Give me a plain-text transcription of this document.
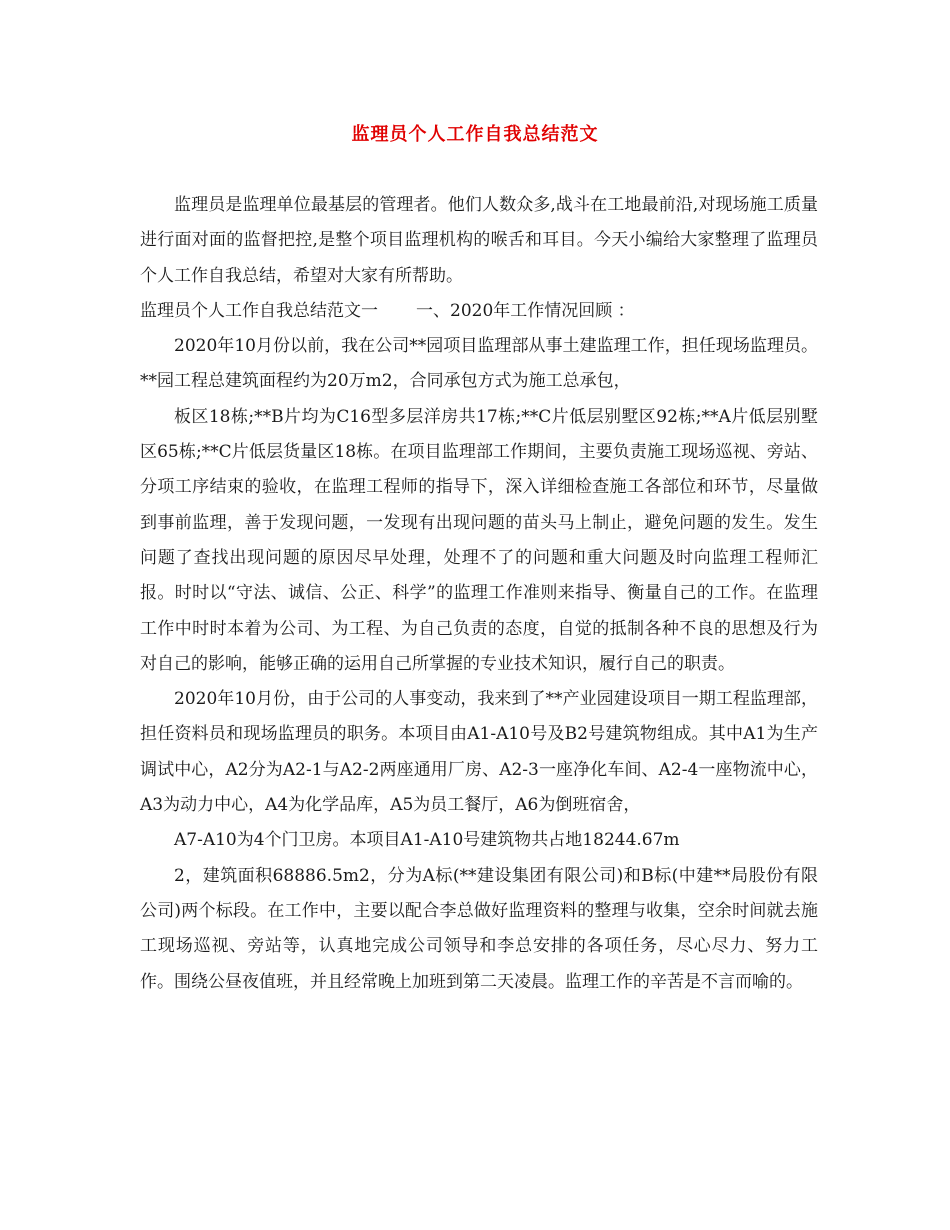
监理员个人工作自我总结范文

监理员是监理单位最基层的管理者。他们人数众多,战斗在工地最前沿,对现场施工质量进行面对面的监督把控,是整个项目监理机构的喉舌和耳目。今天小编给大家整理了监理员个人工作自我总结，希望对大家有所帮助。

监理员个人工作自我总结范文一 一、2020年工作情况回顾 ：

2020年10月份以前，我在公司**园项目监理部从事土建监理工作，担任现场监理员。**园工程总建筑面程约为20万m2，合同承包方式为施工总承包，

板区18栋;**B片均为C16型多层洋房共17栋;**C片低层别墅区92栋;**A片低层别墅区65栋;**C片低层货量区18栋。在项目监理部工作期间，主要负责施工现场巡视、旁站、分项工序结束的验收，在监理工程师的指导下，深入详细检查施工各部位和环节，尽量做到事前监理，善于发现问题，一发现有出现问题的苗头马上制止，避免问题的发生。发生问题了查找出现问题的原因尽早处理，处理不了的问题和重大问题及时向监理工程师汇报。时时以“守法、诚信、公正、科学”的监理工作准则来指导、衡量自己的工作。在监理工作中时时本着为公司、为工程、为自己负责的态度，自觉的抵制各种不良的思想及行为对自己的影响，能够正确的运用自己所掌握的专业技术知识，履行自己的职责。

2020年10月份，由于公司的人事变动，我来到了**产业园建设项目一期工程监理部，担任资料员和现场监理员的职务。本项目由A1-A10号及B2号建筑物组成。其中A1为生产调试中心，A2分为A2-1与A2-2两座通用厂房、A2-3一座净化车间、A2-4一座物流中心，A3为动力中心，A4为化学品库，A5为员工餐厅，A6为倒班宿舍，

A7-A10为4个门卫房。本项目A1-A10号建筑物共占地18244.67m

2，建筑面积68886.5m2，分为A标(**建设集团有限公司)和B标(中建**局股份有限公司)两个标段。在工作中，主要以配合李总做好监理资料的整理与收集，空余时间就去施工现场巡视、旁站等，认真地完成公司领导和李总安排的各项任务，尽心尽力、努力工作。围绕公昼夜值班，并且经常晚上加班到第二天凌晨。监理工作的辛苦是不言而喻的。
